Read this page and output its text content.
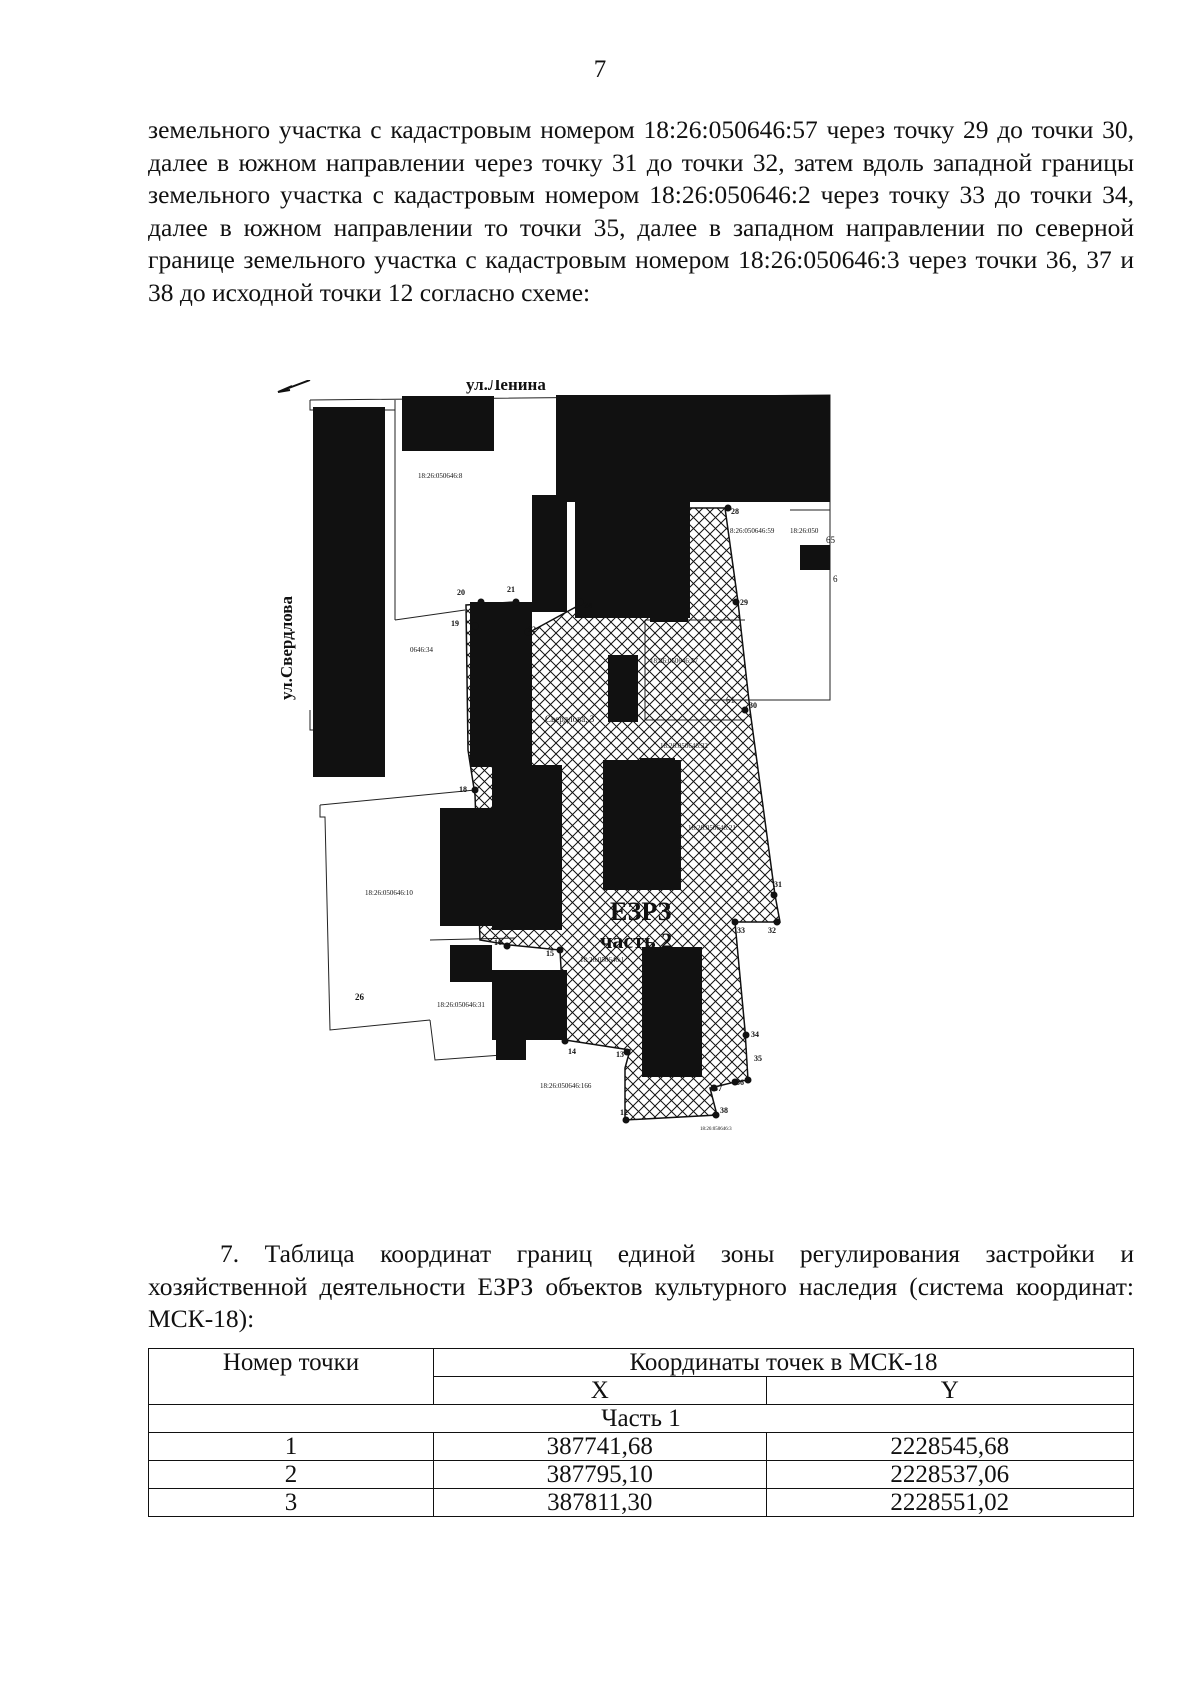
7
земельного участка с кадастровым номером 18:26:050646:57 через точку 29 до точки 30, далее в южном направлении через точку 31 до точки 32, затем вдоль западной границы земельного участка с кадастровым номером 18:26:050646:2 через точку 33 до точки 34, далее в южном направлении то точки 35, далее в западном направлении по северной границе земельного участка с кадастровым номером 18:26:050646:3 через точки 36, 37 и 38 до исходной точки 12 согласно схеме:
ул.Ленина
ул.Свердлова
ЕЗРЗ
часть 2
18:26:050646:8
0646:34
8:26:050646:59 18:26:050
65
6
18:26:050646:57
18:26:050646:32
18:26:050646:21
18:26:050646:10
18:26:050646:31
18:26:050646:166
18:26:050646:3
18:26:050646:1
26
61
Свердлова, 3
12
13
14
15
16
18
19
20	21
22
24
28
29
30
31
32
33
34
35
36
37
38
7. Таблица координат границ единой зоны регулирования застройки и хозяйственной деятельности ЕЗРЗ объектов культурного наследия (система координат: МСК-18):
Номер точки	Координаты точек в МСК-18	
	X	Y
Часть 1		
1	387741,68	2228545,68
2	387795,10	2228537,06
3	387811,30	2228551,02
